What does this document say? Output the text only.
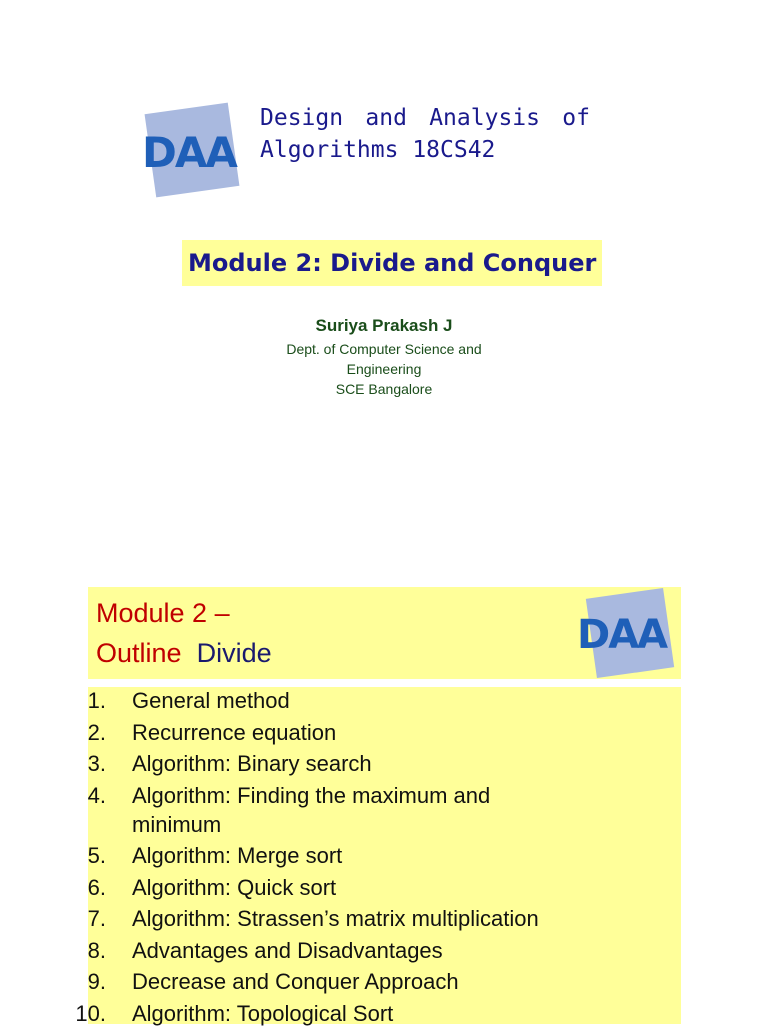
DAA
Design and Analysis of
Algorithms 18CS42
Module 2: Divide and Conquer
Suriya Prakash J
Dept. of Computer Science and
Engineering
SCE Bangalore
Module 2 –
Outline Divide	DAA
1. General method
2. Recurrence equation
3. Algorithm: Binary search
4. Algorithm: Finding the maximum and minimum
5. Algorithm: Merge sort
6. Algorithm: Quick sort
7. Algorithm: Strassen’s matrix multiplication
8. Advantages and Disadvantages
9. Decrease and Conquer Approach
10. Algorithm: Topological Sort
